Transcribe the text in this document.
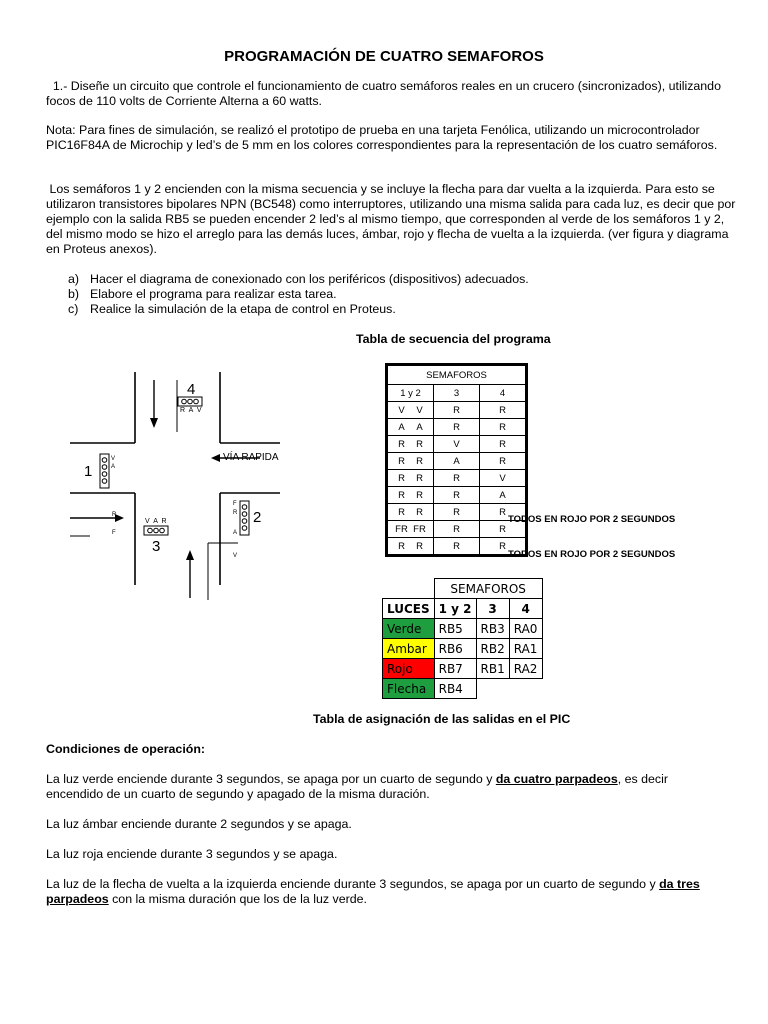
PROGRAMACIÓN DE CUATRO SEMAFOROS
1.- Diseñe un circuito que controle el funcionamiento de cuatro semáforos reales en un crucero (sincronizados), utilizando focos de 110 volts de Corriente Alterna a 60 watts.
Nota: Para fines de simulación, se realizó el prototipo de prueba en una tarjeta Fenólica, utilizando un microcontrolador PIC16F84A de Microchip y led’s de 5 mm en los colores correspondientes para la representación de los cuatro semáforos.
Los semáforos 1 y 2 encienden con la misma secuencia y se incluye la flecha para dar vuelta a la izquierda. Para esto se utilizaron transistores bipolares NPN (BC548) como interruptores, utilizando una misma salida para cada luz, es decir que por ejemplo con la salida RB5 se pueden encender 2 led’s al mismo tiempo, que corresponden al verde de los semáforos 1 y 2, del mismo modo se hizo el arreglo para las demás luces, ámbar, rojo y flecha de vuelta a la izquierda. (ver figura y diagrama en Proteus anexos).
a) Hacer el diagrama de conexionado con los periféricos (dispositivos) adecuados.
b) Elabore el programa para realizar esta tarea.
c) Realice la simulación de la etapa de control en Proteus.
Tabla de secuencia del programa
4
R A V
1
V
A
VÍA RAPIDA
R
F
V A R
3
F
R 2
A
V
SEMAFOROS		
1 y 2	3	4
V V	R	R
A A	R	R
R R	V	R
R R	A	R
R R	R	V
R R	R	A
R R	R	R
FR FR	R	R
R R	R	R
TODOS EN ROJO POR 2 SEGUNDOS
TODOS EN ROJO POR 2 SEGUNDOS
	SEMAFOROS		
LUCES	1 y 2	3	4
Verde	RB5	RB3	RA0
Ambar	RB6	RB2	RA1
Rojo	RB7	RB1	RA2
Flecha	RB4		
Tabla de asignación de las salidas en el PIC
Condiciones de operación:
La luz verde enciende durante 3 segundos, se apaga por un cuarto de segundo y da cuatro parpadeos, es decir encendido de un cuarto de segundo y apagado de la misma duración.
La luz ámbar enciende durante 2 segundos y se apaga.
La luz roja enciende durante 3 segundos y se apaga.
La luz de la flecha de vuelta a la izquierda enciende durante 3 segundos, se apaga por un cuarto de segundo y da tres parpadeos con la misma duración que los de la luz verde.
